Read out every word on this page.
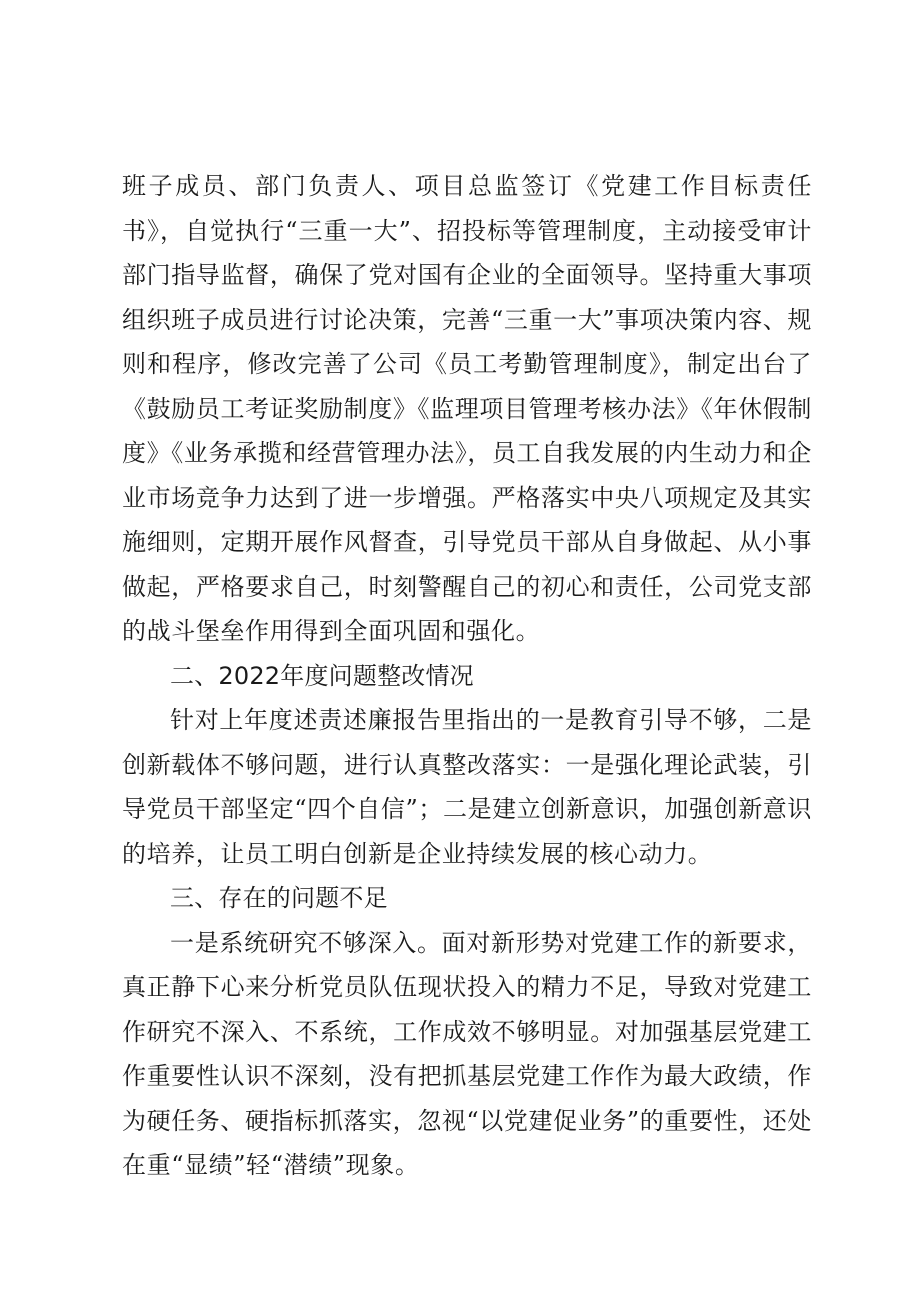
班子成员、部门负责人、项目总监签订《党建工作目标责任书》，自觉执行“三重一大”、招投标等管理制度，主动接受审计部门指导监督，确保了党对国有企业的全面领导。坚持重大事项组织班子成员进行讨论决策，完善“三重一大”事项决策内容、规则和程序，修改完善了公司《员工考勤管理制度》，制定出台了《鼓励员工考证奖励制度》《监理项目管理考核办法》《年休假制度》《业务承揽和经营管理办法》，员工自我发展的内生动力和企业市场竞争力达到了进一步增强。严格落实中央八项规定及其实施细则，定期开展作风督查，引导党员干部从自身做起、从小事做起，严格要求自己，时刻警醒自己的初心和责任，公司党支部的战斗堡垒作用得到全面巩固和强化。

二、2022年度问题整改情况

针对上年度述责述廉报告里指出的一是教育引导不够，二是创新载体不够问题，进行认真整改落实：一是强化理论武装，引导党员干部坚定“四个自信”；二是建立创新意识，加强创新意识的培养，让员工明白创新是企业持续发展的核心动力。

三、存在的问题不足

一是系统研究不够深入。面对新形势对党建工作的新要求，真正静下心来分析党员队伍现状投入的精力不足，导致对党建工作研究不深入、不系统，工作成效不够明显。对加强基层党建工作重要性认识不深刻，没有把抓基层党建工作作为最大政绩，作为硬任务、硬指标抓落实，忽视“以党建促业务”的重要性，还处在重“显绩”轻“潜绩”现象。
